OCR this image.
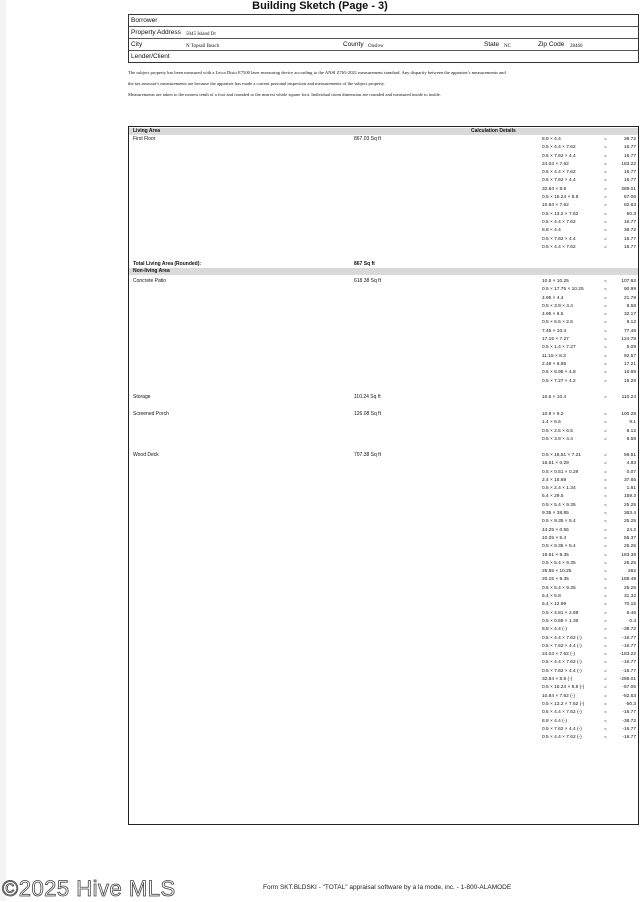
Building Sketch (Page - 3)
Borrower
Property Address 5045 Island Dr
City	N Topsail Beach	County Onslow	State NC	Zip Code 28460
Lender/Client
The subject property has been measured with a Leica Disto E7500 laser measuring device according to the ANSI Z765-2021 measurement standard. Any disparity between the appraiser's measurements and
the tax assessor's measurements are because the appraiser has made a current personal inspection and measurements of the subject property.
Measurements are taken to the nearest tenth of a foot and rounded to the nearest whole square foot. Individual room dimension are rounded and measured inside to inside.
Living Area	Calculation Details
First Floor	867.03 Sq ft	8.8 × 4.4	=	38.72
0.5 × 4.4 × 7.62	=	16.77
0.5 × 7.62 × 4.4	=	16.77
24.04 × 7.62	=	183.22
0.5 × 4.4 × 7.62	=	16.77
0.5 × 7.62 × 4.4	=	16.77
32.84 × 8.8	=	289.01
0.5 × 15.24 × 8.8	=	67.06
10.84 × 7.62	=	82.63
0.5 × 13.2 × 7.62	=	50.3
0.5 × 4.4 × 7.62	=	16.77
8.8 × 4.4	=	38.72
0.5 × 7.62 × 4.4	=	16.77
0.5 × 4.4 × 7.62	=	16.77
Total Living Area (Rounded):	867 Sq ft
Non-living Area
Concrete Patio	618.38 Sq ft	10.5 × 10.25	=	107.62
0.5 × 17.75 × 10.25	=	90.99
4.95 × 4.4	=	21.78
0.5 × 3.9 × 4.4	=	8.58
4.95 × 6.5	=	32.17
0.5 × 6.5 × 2.5	=	8.12
7.45 × 10.4	=	77.48
17.15 × 7.27	=	124.78
0.5 × 1.4 × 7.27	=	5.09
11.15 × 8.3	=	92.57
2.48 × 6.95	=	17.21
0.5 × 6.95 × 4.8	=	16.69
0.5 × 7.27 × 4.2	=	15.28
Storage	110.24 Sq ft	10.6 × 10.4	=	110.24
Screened Porch	126.08 Sq ft	10.9 × 9.2	=	100.28
1.4 × 6.5	=	9.1
0.5 × 2.5 × 6.5	=	8.12
0.5 × 3.9 × 4.4	=	8.58
Wood Deck	707.38 Sq ft	0.5 × 16.51 × 7.21	=	59.51
16.51 × 0.29	=	4.83
0.5 × 0.51 × 0.29	=	0.07
2.4 × 15.68	=	37.65
0.5 × 2.4 × 1.34	=	1.61
5.4 × 29.5	=	159.3
0.5 × 5.4 × 9.35	=	25.25
9.35 × 38.85	=	363.4
0.5 × 9.35 × 5.4	=	25.25
44.25 × 0.55	=	24.2
10.25 × 5.4	=	55.37
0.5 × 9.35 × 5.4	=	25.25
19.61 × 9.35	=	183.38
0.5 × 5.4 × 9.35	=	25.25
25.55 × 10.25	=	262
20.15 × 9.35	=	188.49
0.5 × 5.4 × 9.35	=	25.25
5.4 × 5.8	=	31.32
5.4 × 12.99	=	70.15
0.5 × 4.81 × 2.69	=	6.46
0.5 × 0.59 × 1.36	=	0.4
8.8 × 4.4 (-)	=	-38.72
0.5 × 4.4 × 7.62 (-)	=	-16.77
0.5 × 7.62 × 4.4 (-)	=	-16.77
24.04 × 7.62 (-)	=	-183.22
0.5 × 4.4 × 7.62 (-)	=	-16.77
0.5 × 7.62 × 4.4 (-)	=	-16.77
32.84 × 8.8 (-)	=	-289.01
0.5 × 15.24 × 8.8 (-)	=	-67.06
10.84 × 7.62 (-)	=	-82.63
0.5 × 13.2 × 7.62 (-)	=	-50.3
0.5 × 4.4 × 7.62 (-)	=	-16.77
8.8 × 4.4 (-)	=	-38.72
0.5 × 7.62 × 4.4 (-)	=	-16.77
0.5 × 4.4 × 7.62 (-)	=	-16.77
©2025 Hive MLS	Form SKT.BLDSKI - "TOTAL" appraisal software by a la mode, inc. - 1-800-ALAMODE
